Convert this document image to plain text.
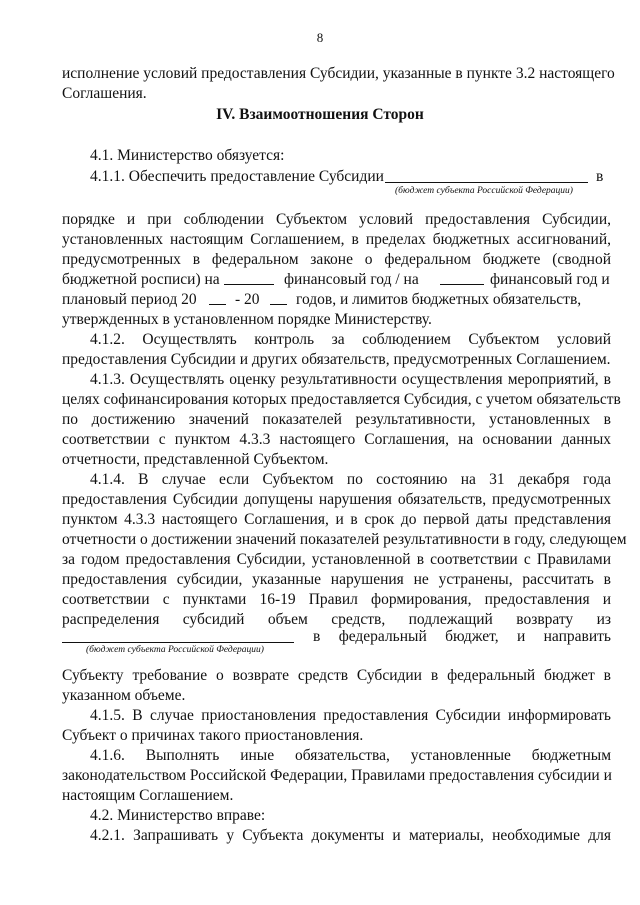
8
исполнение условий предоставления Субсидии, указанные в пункте 3.2 настоящего
Соглашения.
IV. Взаимоотношения Сторон
4.1. Министерство обязуется:
4.1.1. Обеспечить предоставление Субсидии	в
(бюджет субъекта Российской Федерации)
порядке и при соблюдении Субъектом условий предоставления Субсидии,
установленных настоящим Соглашением, в пределах бюджетных ассигнований,
предусмотренных в федеральном законе о федеральном бюджете (сводной
бюджетной росписи) на	финансовый год / на	финансовый год и
плановый период 20 - 20 годов, и лимитов бюджетных обязательств,
утвержденных в установленном порядке Министерству.
4.1.2. Осуществлять контроль за соблюдением Субъектом условий
предоставления Субсидии и других обязательств, предусмотренных Соглашением.
4.1.3. Осуществлять оценку результативности осуществления мероприятий, в
целях софинансирования которых предоставляется Субсидия, с учетом обязательств
по достижению значений показателей результативности, установленных в
соответствии с пунктом 4.3.3 настоящего Соглашения, на основании данных
отчетности, представленной Субъектом.
4.1.4. В случае если Субъектом по состоянию на 31 декабря года
предоставления Субсидии допущены нарушения обязательств, предусмотренных
пунктом 4.3.3 настоящего Соглашения, и в срок до первой даты представления
отчетности о достижении значений показателей результативности в году, следующем
за годом предоставления Субсидии, установленной в соответствии с Правилами
предоставления субсидии, указанные нарушения не устранены, рассчитать в
соответствии с пунктами 16-19 Правил формирования, предоставления и
распределения субсидий объем средств, подлежащий возврату из
в федеральный бюджет, и направить
(бюджет субъекта Российской Федерации)
Субъекту требование о возврате средств Субсидии в федеральный бюджет в
указанном объеме.
4.1.5. В случае приостановления предоставления Субсидии информировать
Субъект о причинах такого приостановления.
4.1.6. Выполнять иные обязательства, установленные бюджетным
законодательством Российской Федерации, Правилами предоставления субсидии и
настоящим Соглашением.
4.2. Министерство вправе:
4.2.1. Запрашивать у Субъекта документы и материалы, необходимые для
